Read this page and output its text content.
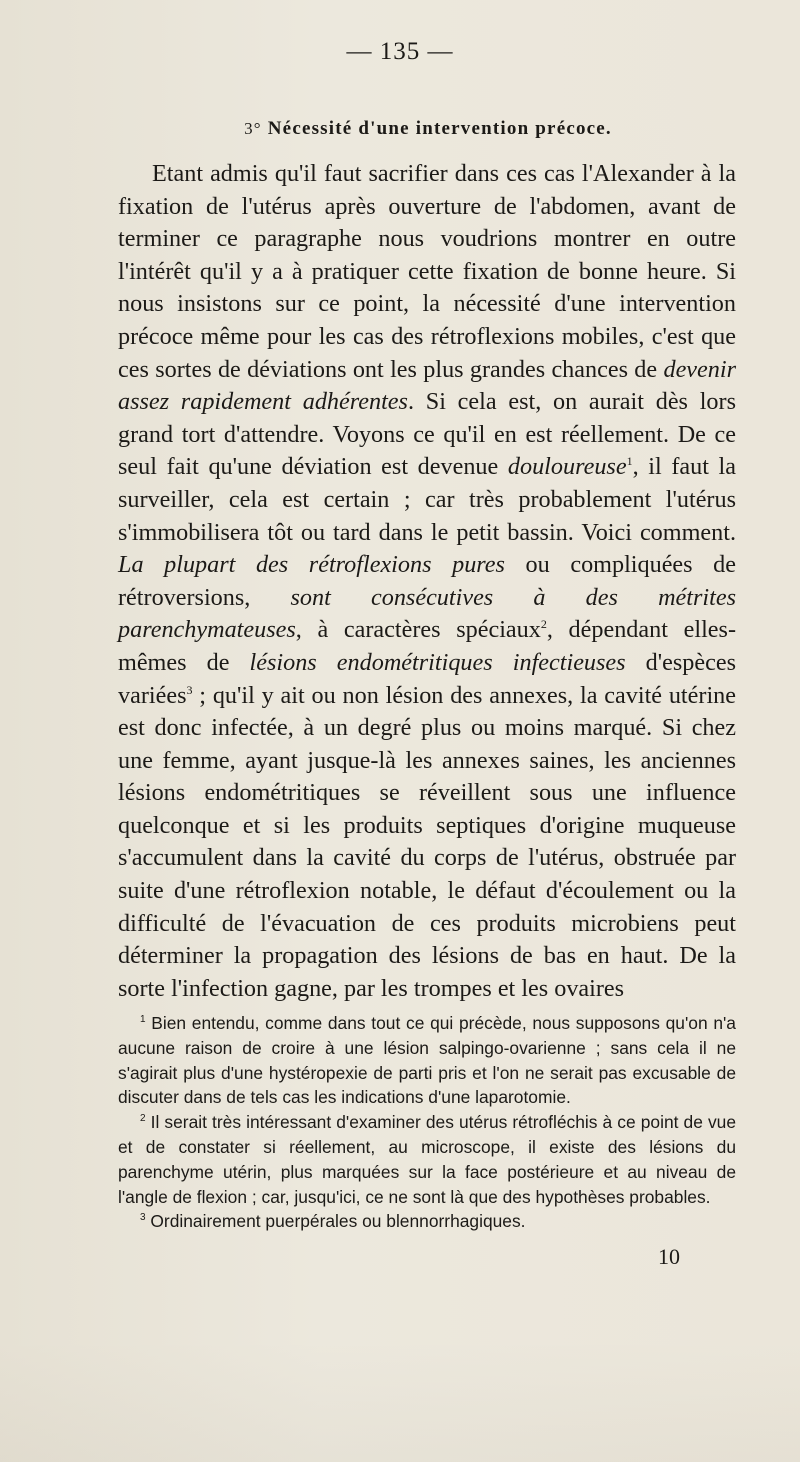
— 135 —
3° Nécessité d'une intervention précoce.

Etant admis qu'il faut sacrifier dans ces cas l'Alexander à la fixation de l'utérus après ouverture de l'abdomen, avant de terminer ce paragraphe nous voudrions montrer en outre l'intérêt qu'il y a à pratiquer cette fixation de bonne heure. Si nous insistons sur ce point, la nécessité d'une intervention précoce même pour les cas des rétroflexions mobiles, c'est que ces sortes de déviations ont les plus grandes chances de devenir assez rapidement adhérentes. Si cela est, on aurait dès lors grand tort d'attendre. Voyons ce qu'il en est réellement. De ce seul fait qu'une déviation est devenue douloureuse$^1$, il faut la surveiller, cela est certain ; car très probablement l'utérus s'immobilisera tôt ou tard dans le petit bassin. Voici comment. La plupart des rétroflexions pures ou compliquées de rétroversions, sont consécutives à des métrites parenchymateuses, à caractères spéciaux$^2$, dépendant elles-mêmes de lésions endométritiques infectieuses d'espèces variées$^3$ ; qu'il y ait ou non lésion des annexes, la cavité utérine est donc infectée, à un degré plus ou moins marqué. Si chez une femme, ayant jusque-là les annexes saines, les anciennes lésions endométritiques se réveillent sous une influence quelconque et si les produits septiques d'origine muqueuse s'accumulent dans la cavité du corps de l'utérus, obstruée par suite d'une rétroflexion notable, le défaut d'écoulement ou la difficulté de l'évacuation de ces produits microbiens peut déterminer la propagation des lésions de bas en haut. De la sorte l'infection gagne, par les trompes et les ovaires

$^1$ Bien entendu, comme dans tout ce qui précède, nous supposons qu'on n'a aucune raison de croire à une lésion salpingo-ovarienne ; sans cela il ne s'agirait plus d'une hystéropexie de parti pris et l'on ne serait pas excusable de discuter dans de tels cas les indications d'une laparotomie.

$^2$ Il serait très intéressant d'examiner des utérus rétrofléchis à ce point de vue et de constater si réellement, au microscope, il existe des lésions du parenchyme utérin, plus marquées sur la face postérieure et au niveau de l'angle de flexion ; car, jusqu'ici, ce ne sont là que des hypothèses probables.

$^3$ Ordinairement puerpérales ou blennorrhagiques.

10
